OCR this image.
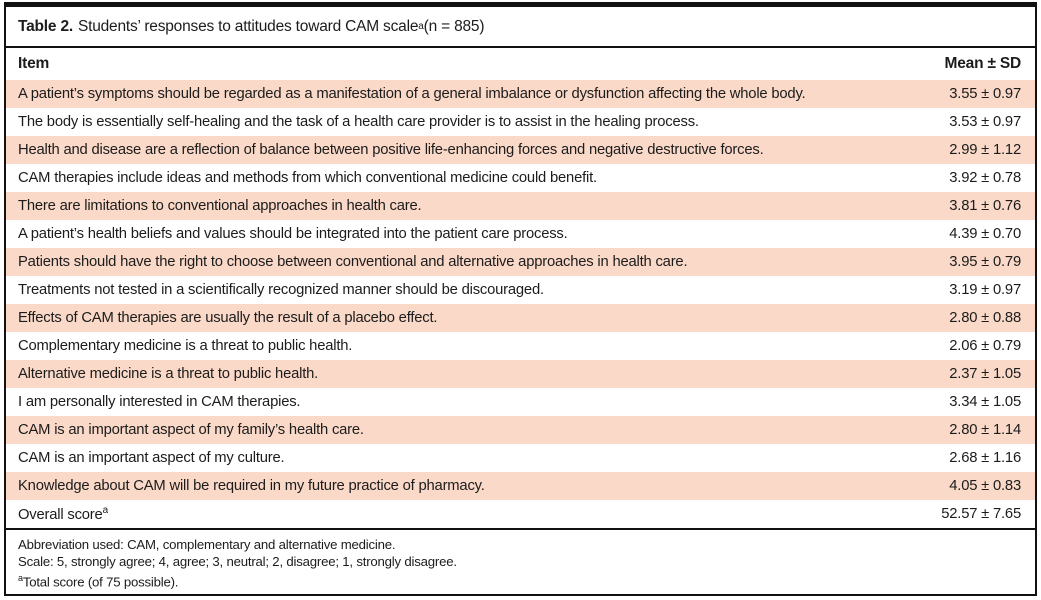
Table 2. Students’ responses to attitudes toward CAM scale a (n = 885)
Item	Mean ± SD
A patient’s symptoms should be regarded as a manifestation of a general imbalance or dysfunction affecting the whole body.	3.55 ± 0.97
The body is essentially self-healing and the task of a health care provider is to assist in the healing process.	3.53 ± 0.97
Health and disease are a reflection of balance between positive life-enhancing forces and negative destructive forces.	2.99 ± 1.12
CAM therapies include ideas and methods from which conventional medicine could benefit.	3.92 ± 0.78
There are limitations to conventional approaches in health care.	3.81 ± 0.76
A patient’s health beliefs and values should be integrated into the patient care process.	4.39 ± 0.70
Patients should have the right to choose between conventional and alternative approaches in health care.	3.95 ± 0.79
Treatments not tested in a scientifically recognized manner should be discouraged.	3.19 ± 0.97
Effects of CAM therapies are usually the result of a placebo effect.	2.80 ± 0.88
Complementary medicine is a threat to public health.	2.06 ± 0.79
Alternative medicine is a threat to public health.	2.37 ± 1.05
I am personally interested in CAM therapies.	3.34 ± 1.05
CAM is an important aspect of my family’s health care.	2.80 ± 1.14
CAM is an important aspect of my culture.	2.68 ± 1.16
Knowledge about CAM will be required in my future practice of pharmacy.	4.05 ± 0.83
Overall score$^a$	52.57 ± 7.65
Abbreviation used: CAM, complementary and alternative medicine.
Scale: 5, strongly agree; 4, agree; 3, neutral; 2, disagree; 1, strongly disagree.
$^a$Total score (of 75 possible).
